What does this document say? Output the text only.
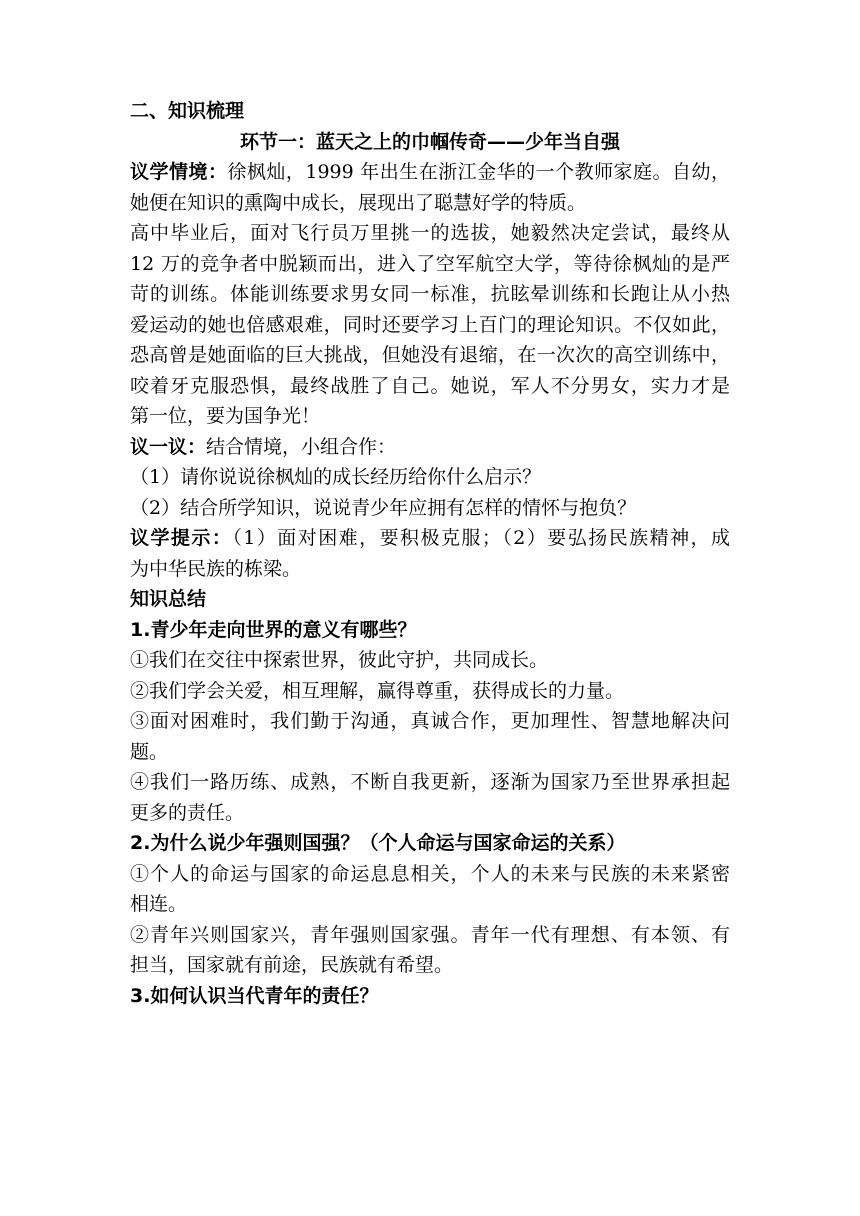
二、知识梳理

环节一：蓝天之上的巾帼传奇——少年当自强

议学情境：徐枫灿，1999 年出生在浙江金华的一个教师家庭。自幼，

她便在知识的熏陶中成长，展现出了聪慧好学的特质。

高中毕业后，面对飞行员万里挑一的选拔，她毅然决定尝试，最终从

12 万的竞争者中脱颖而出，进入了空军航空大学，等待徐枫灿的是严

苛的训练。体能训练要求男女同一标准，抗眩晕训练和长跑让从小热

爱运动的她也倍感艰难，同时还要学习上百门的理论知识。不仅如此，

恐高曾是她面临的巨大挑战，但她没有退缩，在一次次的高空训练中，

咬着牙克服恐惧，最终战胜了自己。她说，军人不分男女，实力才是

第一位，要为国争光！

议一议：结合情境，小组合作：

（1）请你说说徐枫灿的成长经历给你什么启示？

（2）结合所学知识，说说青少年应拥有怎样的情怀与抱负？

议学提示：（1）面对困难，要积极克服；（2）要弘扬民族精神，成

为中华民族的栋梁。

知识总结

1.青少年走向世界的意义有哪些？

①我们在交往中探索世界，彼此守护，共同成长。

②我们学会关爱，相互理解，赢得尊重，获得成长的力量。

③面对困难时，我们勤于沟通，真诚合作，更加理性、智慧地解决问

题。

④我们一路历练、成熟，不断自我更新，逐渐为国家乃至世界承担起

更多的责任。

2.为什么说少年强则国强？（个人命运与国家命运的关系）

①个人的命运与国家的命运息息相关，个人的未来与民族的未来紧密

相连。

②青年兴则国家兴，青年强则国家强。青年一代有理想、有本领、有

担当，国家就有前途，民族就有希望。

3.如何认识当代青年的责任？
